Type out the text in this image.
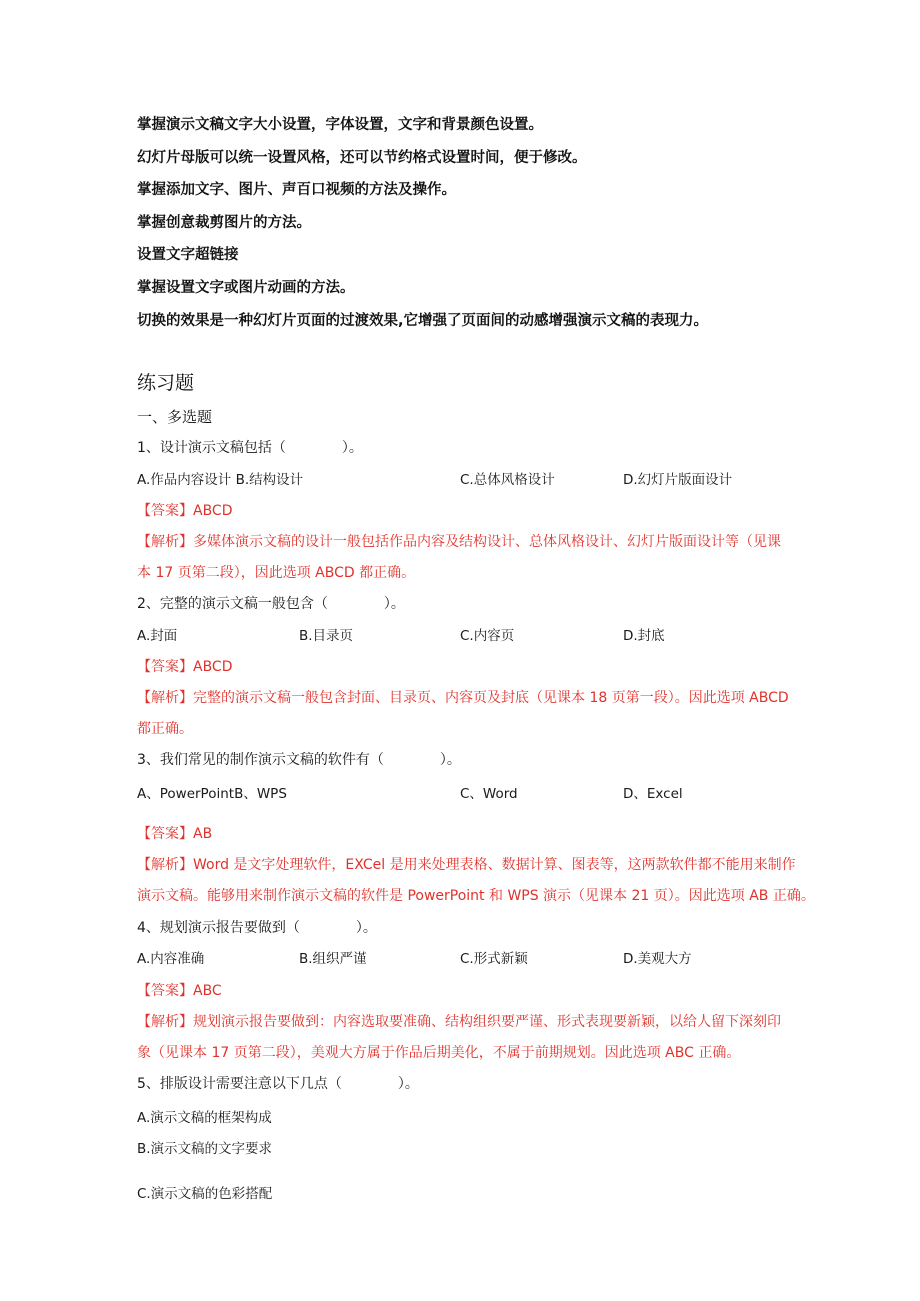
掌握演示文稿文字大小设置，字体设置，文字和背景颜色设置。
幻灯片母版可以统一设置风格，还可以节约格式设置时间，便于修改。
掌握添加文字、图片、声百口视频的方法及操作。
掌握创意裁剪图片的方法。
设置文字超链接
掌握设置文字或图片动画的方法。
切换的效果是一种幻灯片页面的过渡效果,它增强了页面间的动感增强演示文稿的表现力。
练习题
一、多选题
1、设计演示文稿包括（　　　　）。
A.作品内容设计 B.结构设计	C.总体风格设计	D.幻灯片版面设计
【答案】ABCD
【解析】多媒体演示文稿的设计一般包括作品内容及结构设计、总体风格设计、幻灯片版面设计等（见课
本 17 页第二段），因此选项 ABCD 都正确。
2、完整的演示文稿一般包含（　　　　）。
A.封面	B.目录页	C.内容页	D.封底
【答案】ABCD
【解析】完整的演示文稿一般包含封面、目录页、内容页及封底（见课本 18 页第一段）。因此选项 ABCD
都正确。
3、我们常见的制作演示文稿的软件有（　　　　）。
A、PowerPointB、WPS	C、Word	D、Excel
【答案】AB
【解析】Word 是文字处理软件，EXCel 是用来处理表格、数据计算、图表等，这两款软件都不能用来制作
演示文稿。能够用来制作演示文稿的软件是 PowerPoint 和 WPS 演示（见课本 21 页）。因此选项 AB 正确。
4、规划演示报告要做到（　　　　）。
A.内容准确	B.组织严谨	C.形式新颖	D.美观大方
【答案】ABC
【解析】规划演示报告要做到：内容选取要准确、结构组织要严谨、形式表现要新颖，以给人留下深刻印
象（见课本 17 页第二段），美观大方属于作品后期美化，不属于前期规划。因此选项 ABC 正确。
5、排版设计需要注意以下几点（　　　　）。
A.演示文稿的框架构成
B.演示文稿的文字要求
C.演示文稿的色彩搭配
